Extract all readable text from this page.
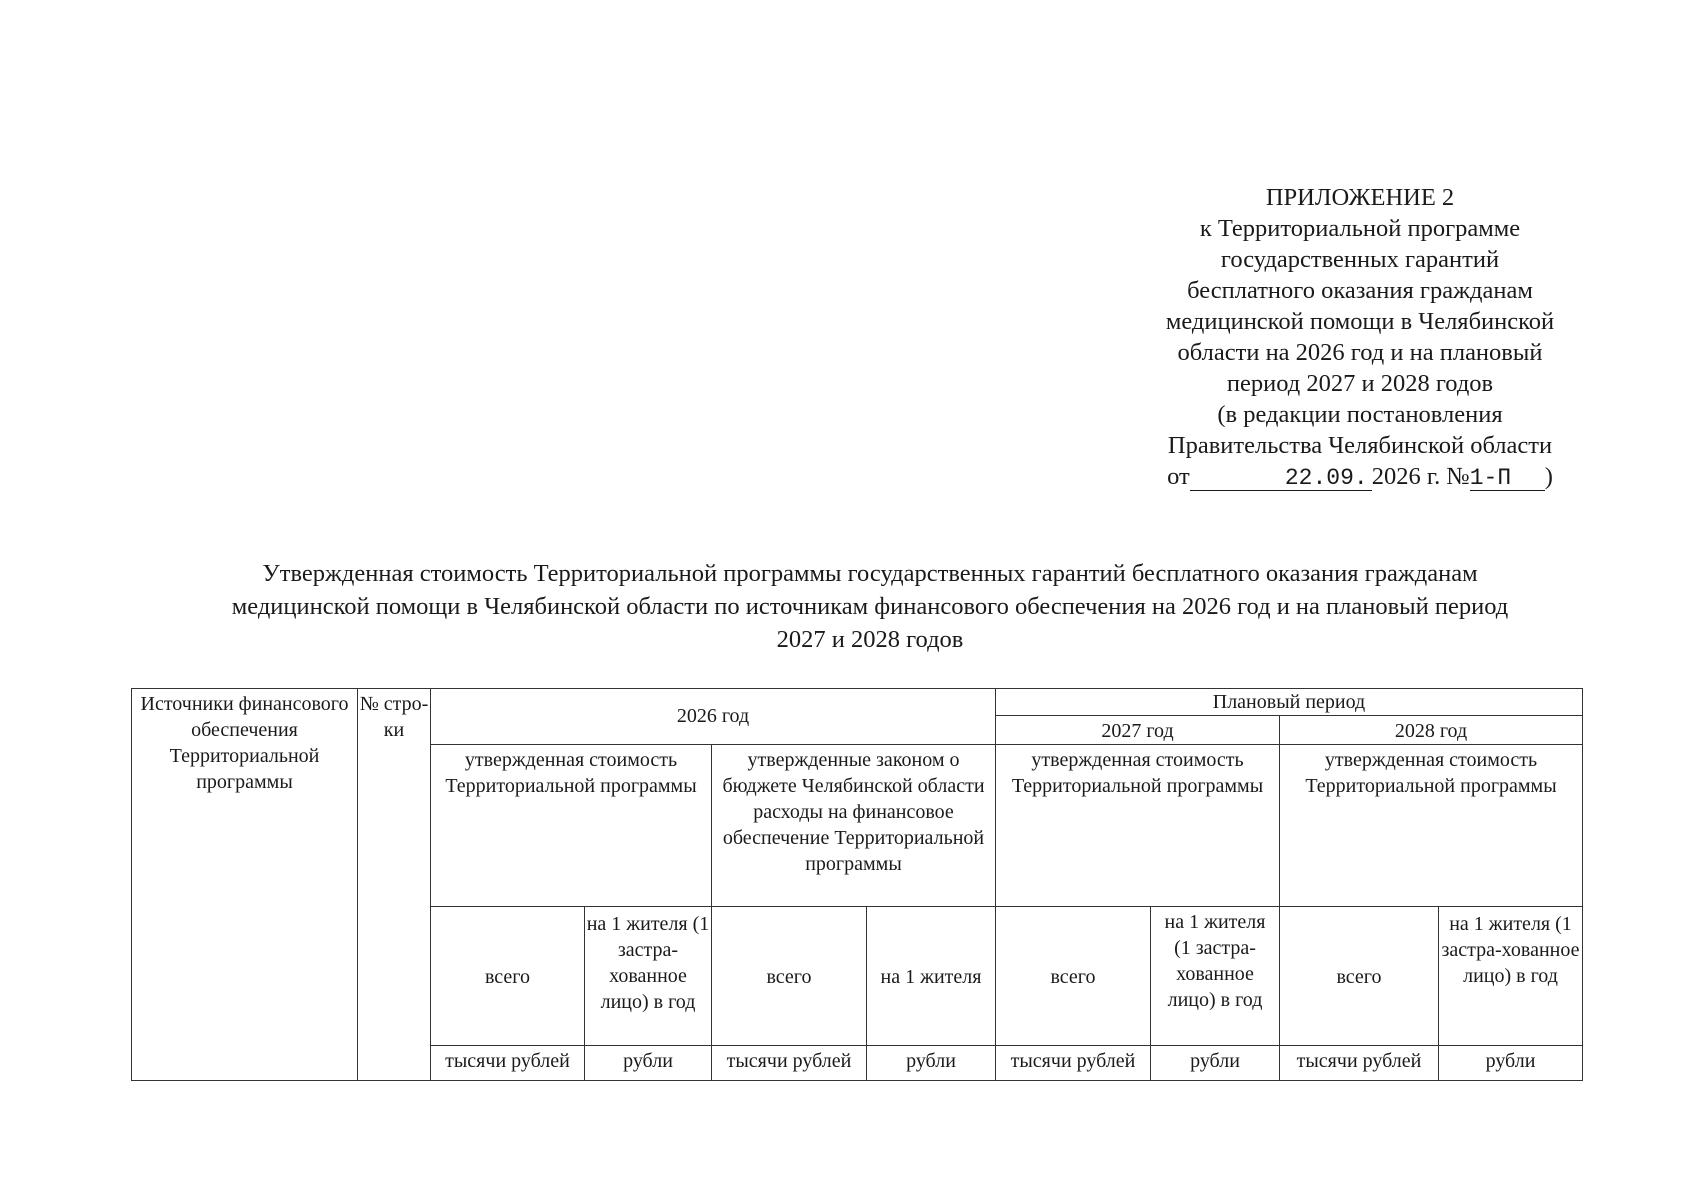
ПРИЛОЖЕНИЕ 2
к Территориальной программе
государственных гарантий
бесплатного оказания гражданам
медицинской помощи в Челябинской
области на 2026 год и на плановый
период 2027 и 2028 годов
(в редакции постановления
Правительства Челябинской области
от	22.09. 2026 г. №1-П )
Утвержденная стоимость Территориальной программы государственных гарантий бесплатного оказания гражданам
медицинской помощи в Челябинской области по источникам финансового обеспечения на 2026 год и на плановый период
2027 и 2028 годов
Источники финансового обеспечения Территориальной программы	№ стро-ки	2026 год				Плановый период			

						2027 год		2028 год	

		утвержденная стоимость Территориальной программы		утвержденные законом о бюджете Челябинской области расходы на финансовое обеспечение Территориальной программы		утвержденная стоимость Территориальной программы		утвержденная стоимость Территориальной программы	

		всего	на 1 жителя (1 застра-хованное лицо) в год	всего	на 1 жителя	всего	на 1 жителя (1 застра-хованное лицо) в год	всего	на 1 жителя (1 застра-хованное лицо) в год

		тысячи рублей	рубли	тысячи рублей	рубли	тысячи рублей	рубли	тысячи рублей	рубли
